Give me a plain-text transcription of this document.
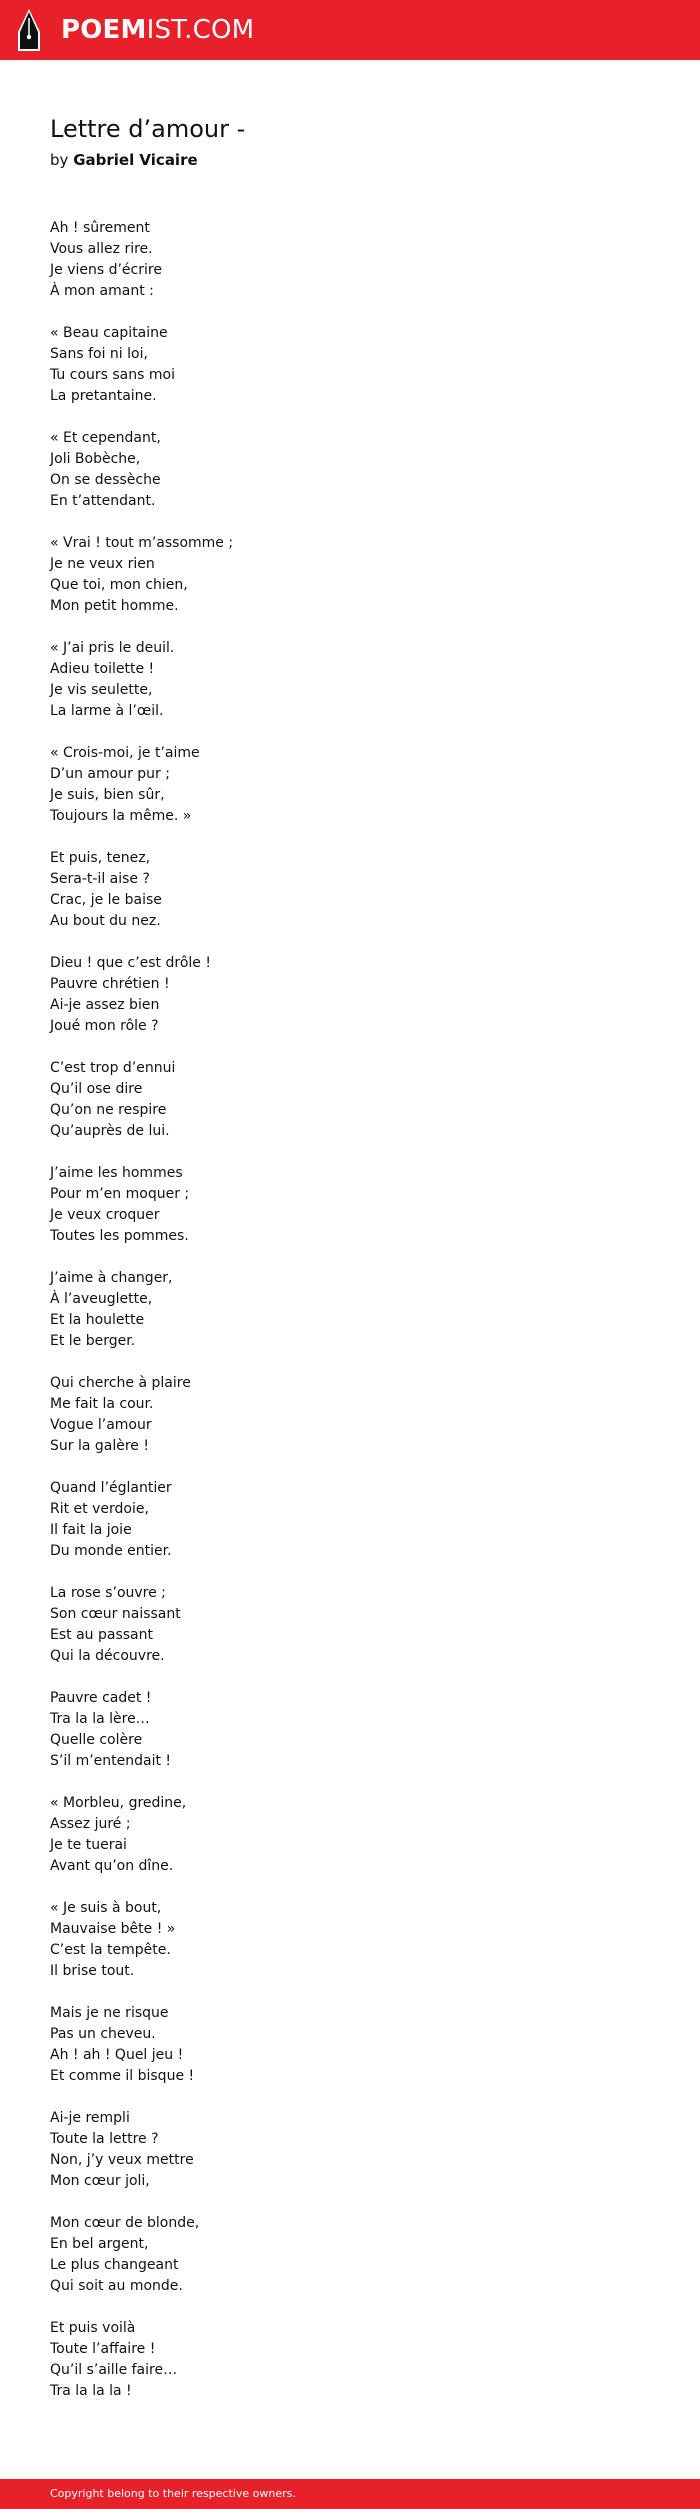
POEMIST.COM
Lettre d’amour -
by Gabriel Vicaire
Ah ! sûrement
Vous allez rire.
Je viens d’écrire
À mon amant :
« Beau capitaine
Sans foi ni loi,
Tu cours sans moi
La pretantaine.
« Et cependant,
Joli Bobèche,
On se dessèche
En t’attendant.
« Vrai ! tout m’assomme ;
Je ne veux rien
Que toi, mon chien,
Mon petit homme.
« J’ai pris le deuil.
Adieu toilette !
Je vis seulette,
La larme à l’œil.
« Crois-moi, je t’aime
D’un amour pur ;
Je suis, bien sûr,
Toujours la même. »
Et puis, tenez,
Sera-t-il aise ?
Crac, je le baise
Au bout du nez.
Dieu ! que c’est drôle !
Pauvre chrétien !
Ai-je assez bien
Joué mon rôle ?
C’est trop d’ennui
Qu’il ose dire
Qu’on ne respire
Qu’auprès de lui.
J’aime les hommes
Pour m’en moquer ;
Je veux croquer
Toutes les pommes.
J’aime à changer,
À l’aveuglette,
Et la houlette
Et le berger.
Qui cherche à plaire
Me fait la cour.
Vogue l’amour
Sur la galère !
Quand l’églantier
Rit et verdoie,
Il fait la joie
Du monde entier.
La rose s’ouvre ;
Son cœur naissant
Est au passant
Qui la découvre.
Pauvre cadet !
Tra la la lère…
Quelle colère
S’il m’entendait !
« Morbleu, gredine,
Assez juré ;
Je te tuerai
Avant qu’on dîne.
« Je suis à bout,
Mauvaise bête ! »
C’est la tempête.
Il brise tout.
Mais je ne risque
Pas un cheveu.
Ah ! ah ! Quel jeu !
Et comme il bisque !
Ai-je rempli
Toute la lettre ?
Non, j’y veux mettre
Mon cœur joli,
Mon cœur de blonde,
En bel argent,
Le plus changeant
Qui soit au monde.
Et puis voilà
Toute l’affaire !
Qu’il s’aille faire…
Tra la la la !
Copyright belong to their respective owners.
